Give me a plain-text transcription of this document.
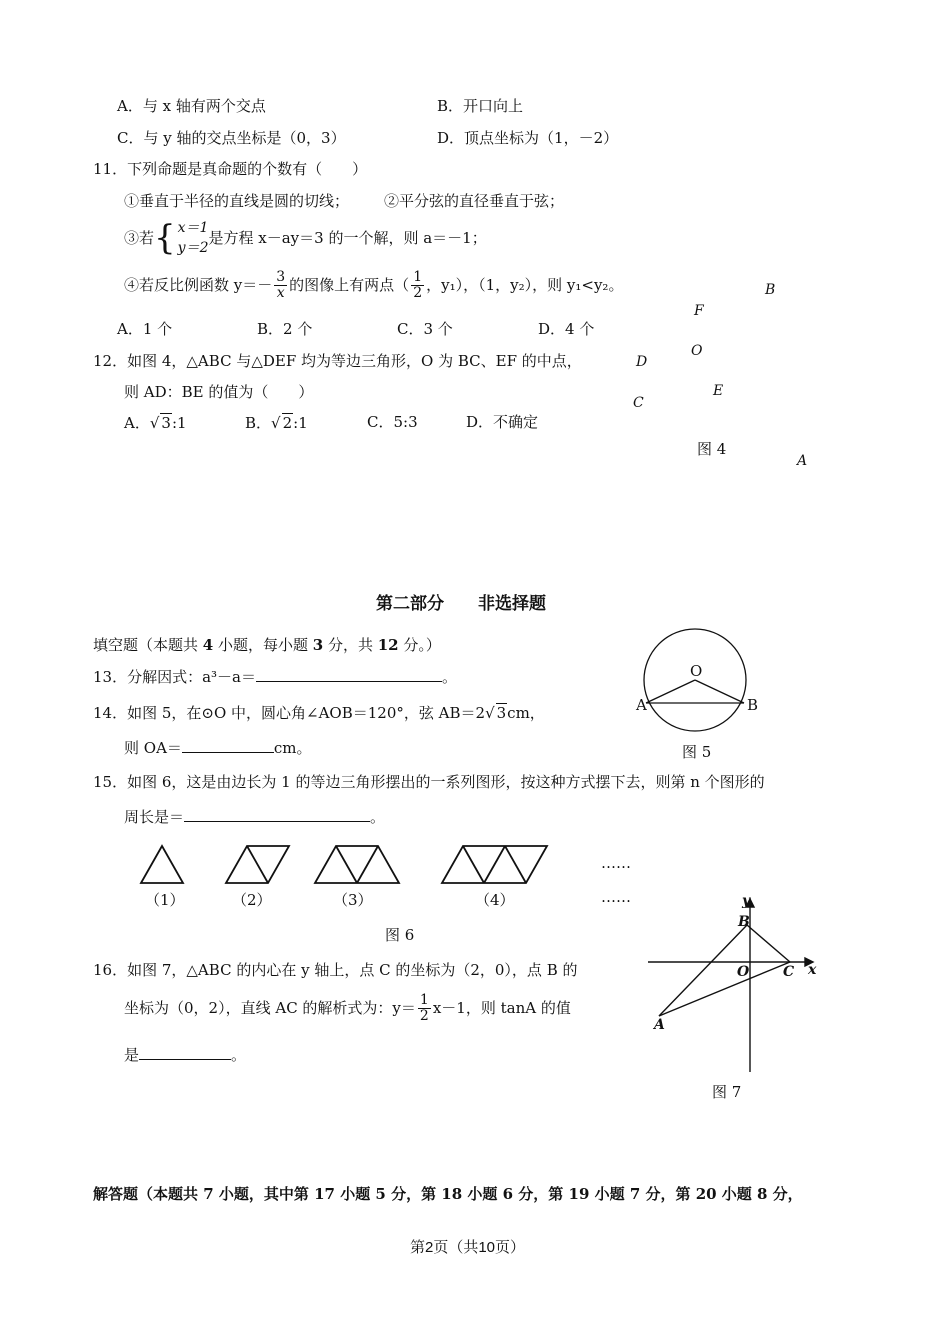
A．与 x 轴有两个交点	B．开口向上
C．与 y 轴的交点坐标是（0，3）	D．顶点坐标为（1，－2）
11．下列命题是真命题的个数有（　　）
①垂直于半径的直线是圆的切线； ②平分弦的直径垂直于弦；
③若 { x＝1
y＝2
是方程 x－ay＝3 的一个解，则 a＝－1；
④若反比例函数 $y=- \frac{3}{x}$ 的图像上有两点（ $\frac{1}{2}$ ，y₁），（1，y₂），则 y₁<y₂。
A．1 个	B．2 个	C．3 个	D．4 个
12．如图 4，△ABC 与△DEF 均为等边三角形，O 为 BC、EF 的中点，
则 AD：BE 的值为（　　）
A．√ 3:1	B．√ 2:1	C．5:3	D．不确定
B
F
O
D
E
C
图 4
A
第二部分　　非选择题
填空题（本题共 4 小题，每小题 3 分，共 12 分。）
13．分解因式：a³－a＝	。
14．如图 5，在⊙O 中，圆心角∠AOB＝120°，弦 AB＝2√ 3cm，
则 OA＝	cm。
O
A	B
图 5
15．如图 6，这是由边长为 1 的等边三角形摆出的一系列图形，按这种方式摆下去，则第 n 个图形的
周长是＝	。
（1）	（2）	（3）	（4）
……
……
图 6
16．如图 7，△ABC 的内心在 y 轴上，点 C 的坐标为（2，0），点 B 的
坐标为（0，2），直线 AC 的解析式为：$y= \frac{1}{2} x-1$，则 tanA 的值
是	。
y
B
O C x
A
图 7
解答题（本题共 7 小题，其中第 17 小题 5 分，第 18 小题 6 分，第 19 小题 7 分，第 20 小题 8 分，
第2页（共10页）
